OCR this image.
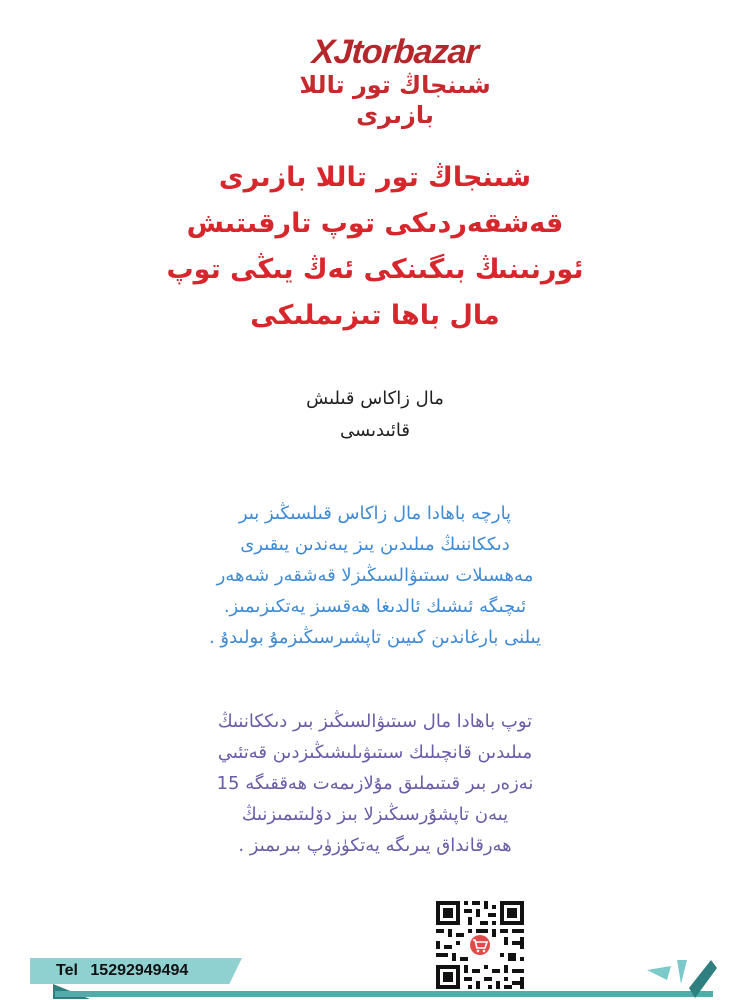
XJtorbazar
شىنجاڭ تور تاللا بازىرى
شىنجاڭ تور تاللا بازىرى
قەشقەردىكى توپ تارقىتىش
ئورنىنىڭ بىگىنكى ئەڭ يىڭى توپ
مال باھا تىزىملىكى
مال زاكاس قىلىش
قائىدىسى
پارچە باھادا مال زاكاس قىلسىڭىز بىر
دىككاننىڭ مىلىدىن يىز يىەندىن يىقىرى
مەھسىلات سىتىۋالسىڭىزلا قەشقەر شەھەر
ئىچىگە ئىشىك ئالدىغا ھەقسىز يەتكىزىمىز.
يىلنى بارغاندىن كىيىن تاپشىرسىڭىزمۇ بولىدۇ .
توپ باھادا مال سىتىۋالسىڭىز بىر دىككاننىڭ
مىلىدىن قانچىلىك سىتىۋىلىشىڭىزدىن قەتئىي
نەزەر بىر قىتىملىق مۇلازىمەت ھەققىگە 15
يىەن تاپشۇرسىڭىزلا بىز دۆلىتىمىزنىڭ
ھەرقانداق يىرىگە يەتكۈزۈپ بىرىمىز .
Tel 15292949494
